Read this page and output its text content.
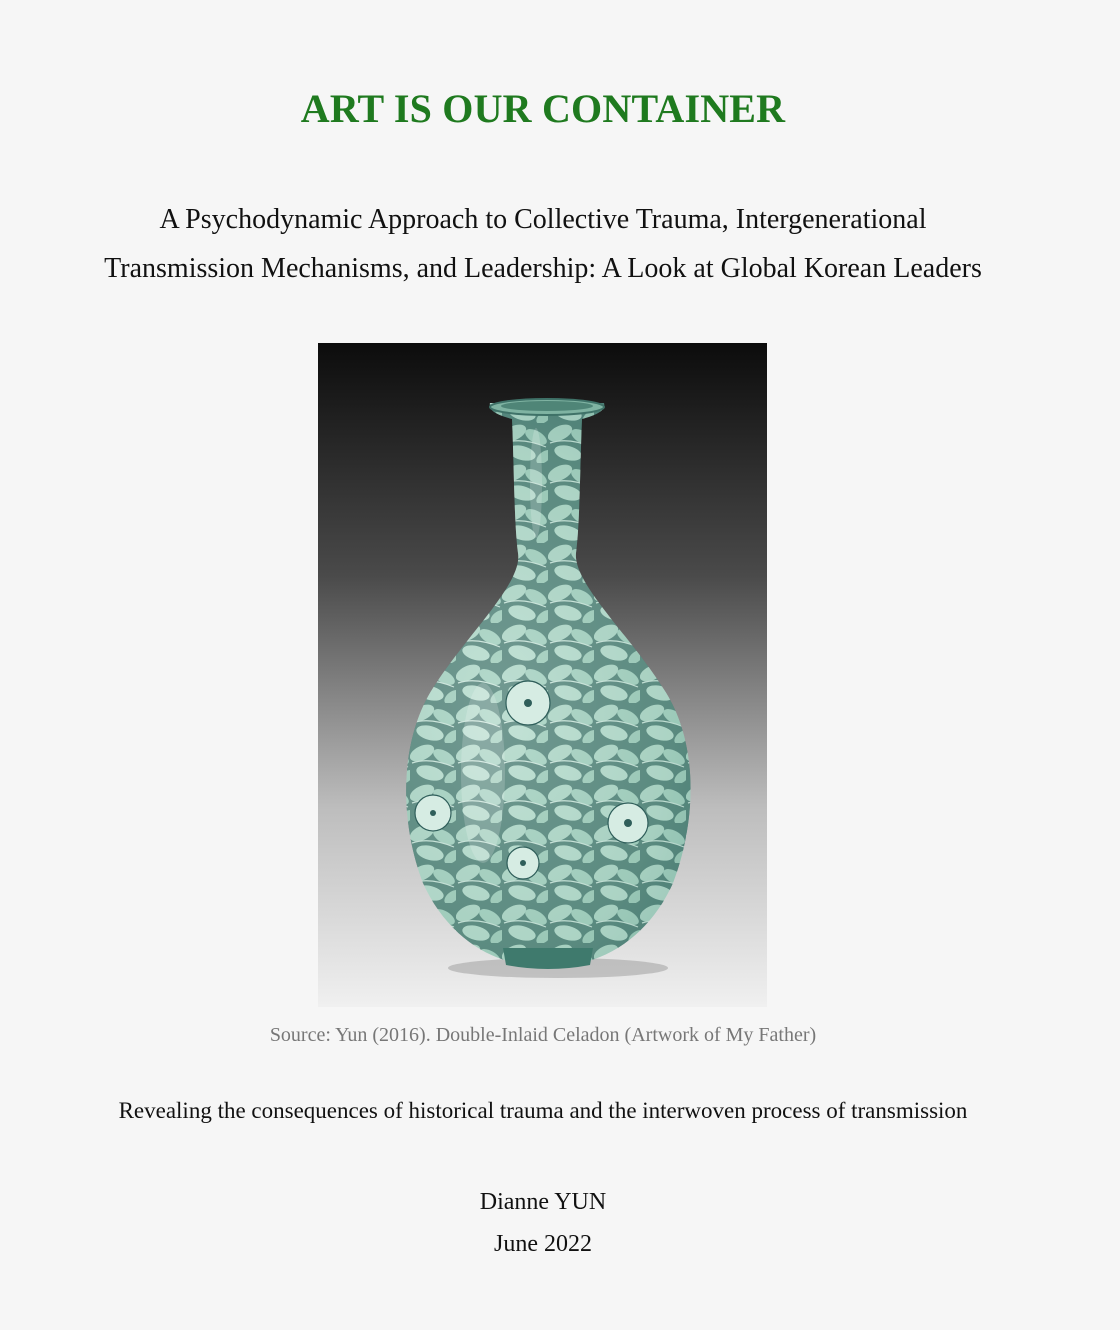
ART IS OUR CONTAINER
A Psychodynamic Approach to Collective Trauma, Intergenerational
Transmission Mechanisms, and Leadership: A Look at Global Korean Leaders
Source: Yun (2016). Double-Inlaid Celadon (Artwork of My Father)
Revealing the consequences of historical trauma and the interwoven process of transmission
Dianne YUN
June 2022
